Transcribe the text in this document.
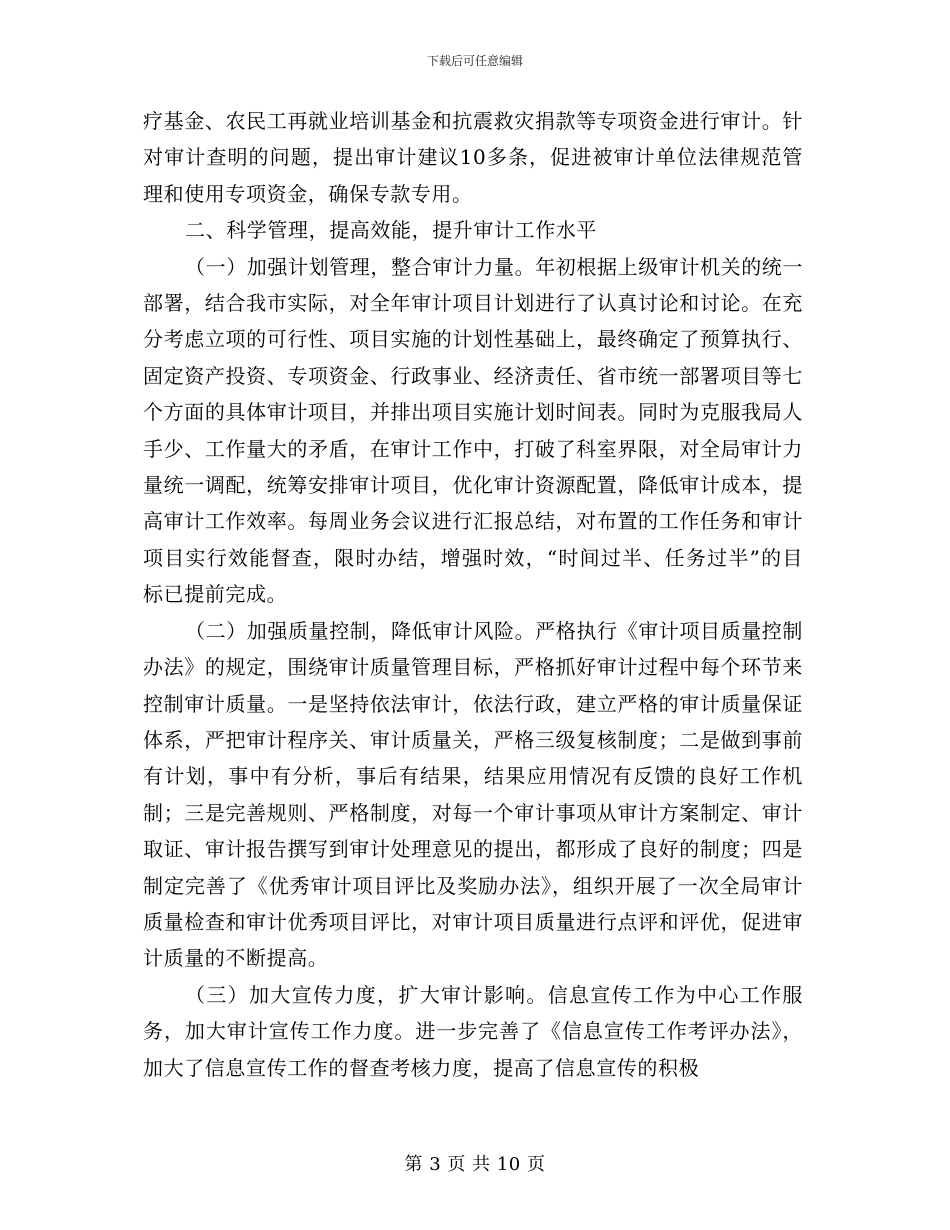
下载后可任意编辑

疗基金、农民工再就业培训基金和抗震救灾捐款等专项资金进行审计。针对审计查明的问题，提出审计建议10多条，促进被审计单位法律规范管理和使用专项资金，确保专款专用。

二、科学管理，提高效能，提升审计工作水平

（一）加强计划管理，整合审计力量。年初根据上级审计机关的统一部署，结合我市实际，对全年审计项目计划进行了认真讨论和讨论。在充分考虑立项的可行性、项目实施的计划性基础上，最终确定了预算执行、固定资产投资、专项资金、行政事业、经济责任、省市统一部署项目等七个方面的具体审计项目，并排出项目实施计划时间表。同时为克服我局人手少、工作量大的矛盾，在审计工作中，打破了科室界限，对全局审计力量统一调配，统筹安排审计项目，优化审计资源配置，降低审计成本，提高审计工作效率。每周业务会议进行汇报总结，对布置的工作任务和审计项目实行效能督查，限时办结，增强时效，“时间过半、任务过半”的目标已提前完成。

（二）加强质量控制，降低审计风险。严格执行《审计项目质量控制办法》的规定，围绕审计质量管理目标，严格抓好审计过程中每个环节来控制审计质量。一是坚持依法审计，依法行政，建立严格的审计质量保证体系，严把审计程序关、审计质量关，严格三级复核制度；二是做到事前有计划，事中有分析，事后有结果，结果应用情况有反馈的良好工作机制；三是完善规则、严格制度，对每一个审计事项从审计方案制定、审计取证、审计报告撰写到审计处理意见的提出，都形成了良好的制度；四是制定完善了《优秀审计项目评比及奖励办法》，组织开展了一次全局审计质量检查和审计优秀项目评比，对审计项目质量进行点评和评优，促进审计质量的不断提高。

（三）加大宣传力度，扩大审计影响。信息宣传工作为中心工作服务，加大审计宣传工作力度。进一步完善了《信息宣传工作考评办法》，加大了信息宣传工作的督查考核力度，提高了信息宣传的积极

第 3 页 共 10 页
